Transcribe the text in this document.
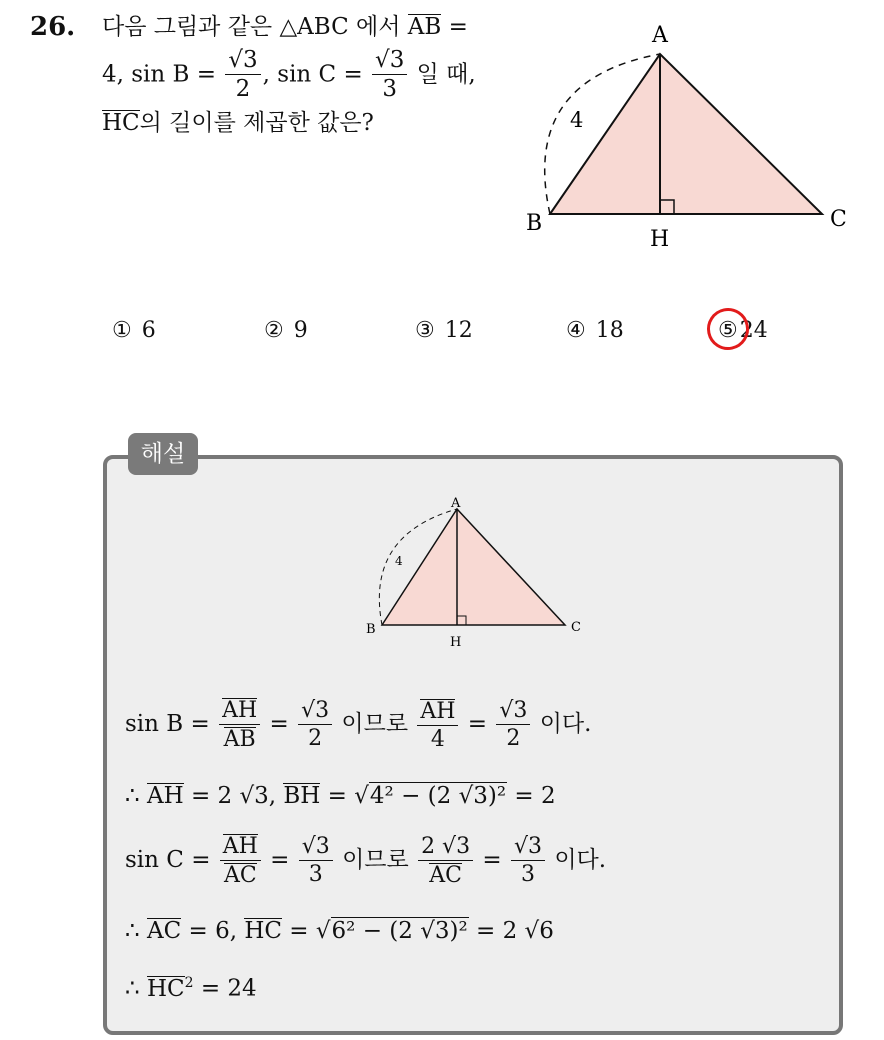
26. 다음 그림과 같은 △ABC 에서 AB =
4, $\sin B = \frac{√3}{2}$ , $\sin C = \frac{√3}{3}$ 일 때,
HC의 길이를 제곱한 값은?
A
B	C
H
4
① 6	② 9	③ 12	④ 18	⑤24
해설
A
B	C
H
4
$\sin B = \frac{AH}{AB} = \frac{√3}{2}$ 이므로 $\frac{AH}{4} = \frac{√3}{2}$ 이다.
∴ AH = 2 √3, BH = √4² − (2 √3)² = 2
$\sin C = \frac{AH}{AC} = \frac{√3}{3}$ 이므로 $\frac{2 √3}{AC} = \frac{√3}{3}$ 이다.
∴ AC = 6, HC = √6² − (2 √3)² = 2 √6
∴ $HC^2 = 24$
